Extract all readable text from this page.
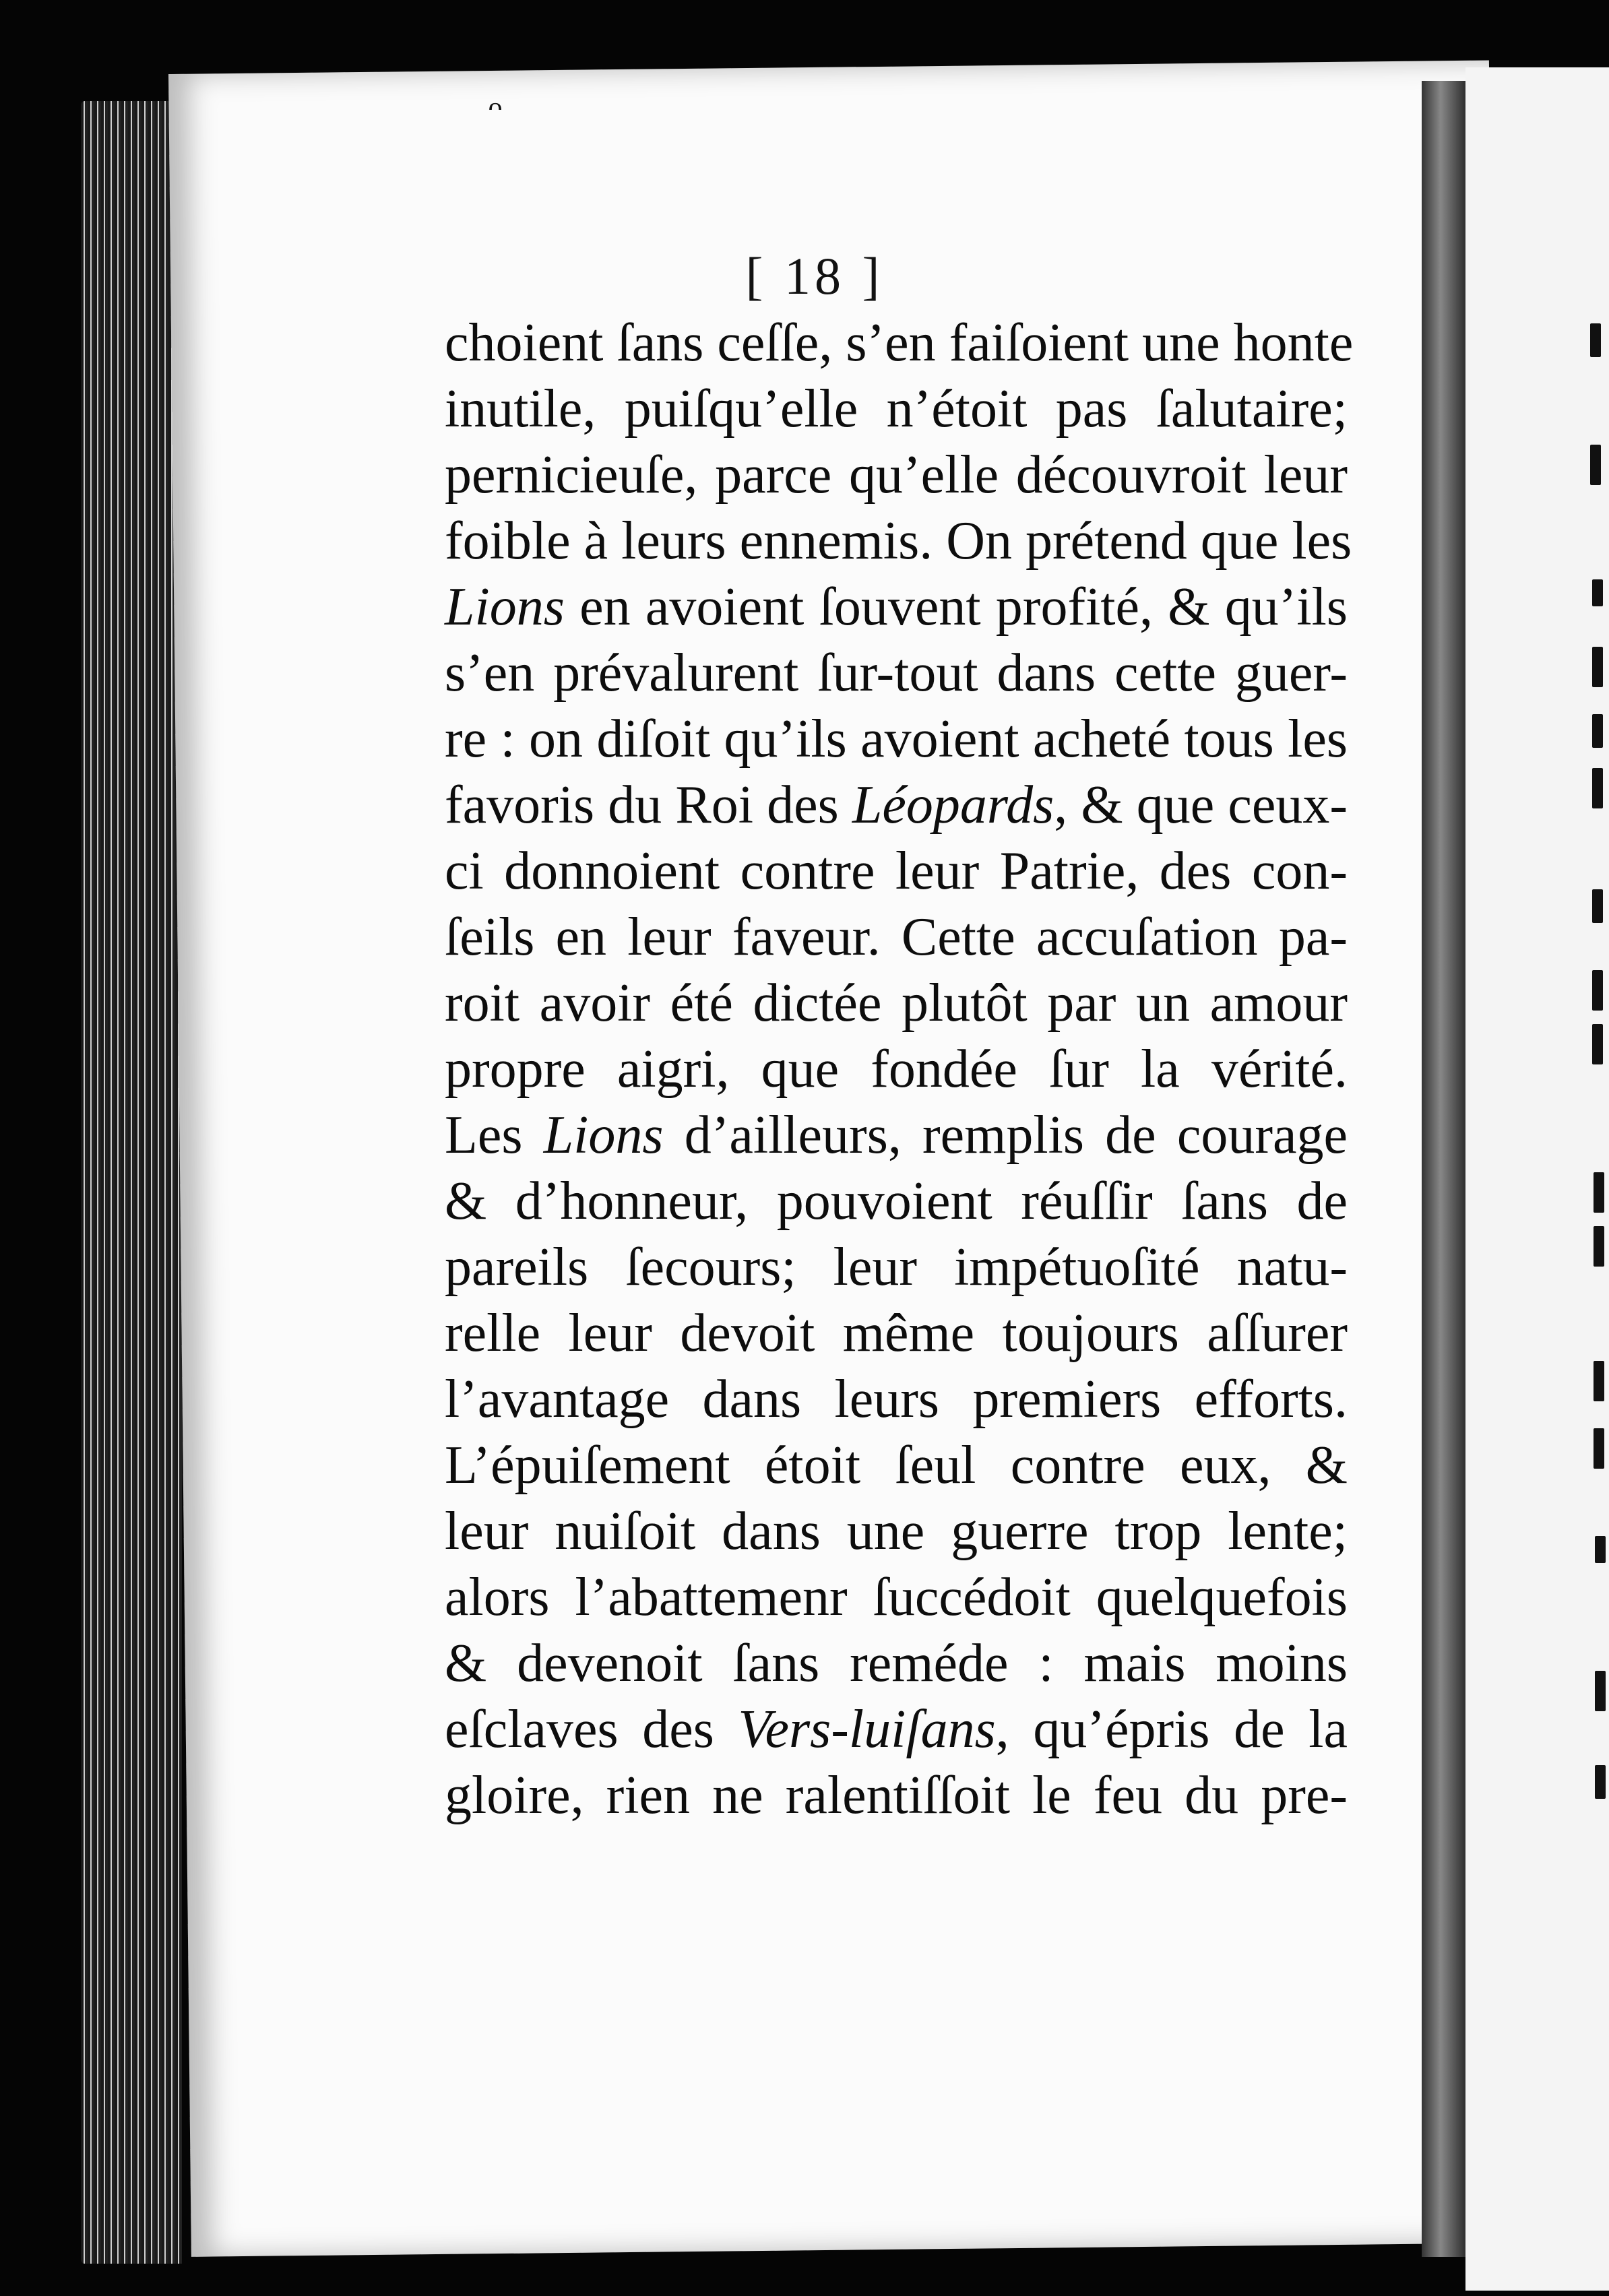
ᵔ
[ 18 ]
choient ſans ceſſe, s’en faiſoient une honte
inutile, puiſqu’elle n’étoit pas ſalutaire;
pernicieuſe, parce qu’elle découvroit leur
foible à leurs ennemis. On prétend que les
Lions en avoient ſouvent profité, & qu’ils
s’en prévalurent ſur-tout dans cette guer-
re : on diſoit qu’ils avoient acheté tous les
favoris du Roi des Léopards, & que ceux-
ci donnoient contre leur Patrie, des con-
ſeils en leur faveur. Cette accuſation pa-
roit avoir été dictée plutôt par un amour
propre aigri, que fondée ſur la vérité.
Les Lions d’ailleurs, remplis de courage
& d’honneur, pouvoient réuſſir ſans de
pareils ſecours; leur impétuoſité natu-
relle leur devoit même toujours aſſurer
l’avantage dans leurs premiers efforts.
L’épuiſement étoit ſeul contre eux, &
leur nuiſoit dans une guerre trop lente;
alors l’abattemenr ſuccédoit quelquefois
& devenoit ſans reméde : mais moins
eſclaves des Vers-luiſans, qu’épris de la
gloire, rien ne ralentiſſoit le feu du pre-
